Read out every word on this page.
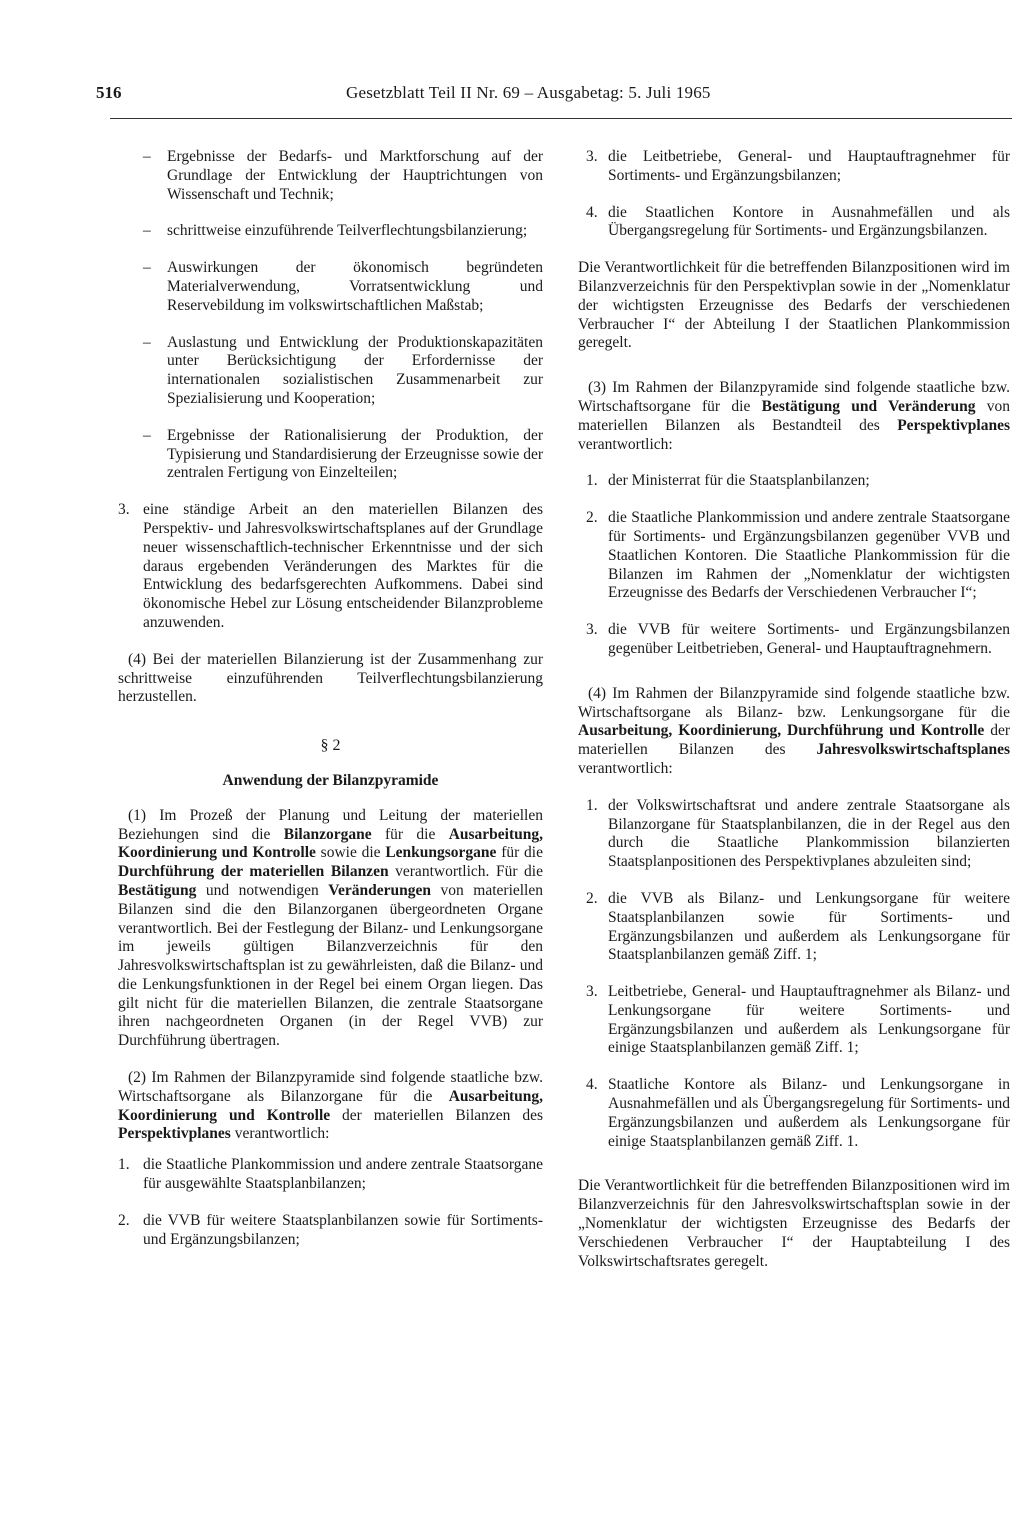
516	Gesetzblatt Teil II Nr. 69 – Ausgabetag: 5. Juli 1965
–	Ergebnisse der Bedarfs- und Marktforschung auf der Grundlage der Entwicklung der Hauptrichtungen von Wissenschaft und Technik;

–	schrittweise einzuführende Teilverflechtungsbilanzierung;

–	Auswirkungen der ökonomisch begründeten Materialverwendung, Vorratsentwicklung und Reservebildung im volkswirtschaftlichen Maßstab;

–	Auslastung und Entwicklung der Produktionskapazitäten unter Berücksichtigung der Erfordernisse der internationalen sozialistischen Zusammenarbeit zur Spezialisierung und Kooperation;

–	Ergebnisse der Rationalisierung der Produktion, der Typisierung und Standardisierung der Erzeugnisse sowie der zentralen Fertigung von Einzelteilen;

3. eine ständige Arbeit an den materiellen Bilanzen des Perspektiv- und Jahresvolkswirtschaftsplanes auf der Grundlage neuer wissenschaftlich-technischer Erkenntnisse und der sich daraus ergebenden Veränderungen des Marktes für die Entwicklung des bedarfsgerechten Aufkommens. Dabei sind ökonomische Hebel zur Lösung entscheidender Bilanzprobleme anzuwenden.

(4) Bei der materiellen Bilanzierung ist der Zusammenhang zur schrittweise einzuführenden Teilverflechtungsbilanzierung herzustellen.

§ 2
Anwendung der Bilanzpyramide

(1) Im Prozeß der Planung und Leitung der materiellen Beziehungen sind die Bilanzorgane für die Ausarbeitung, Koordinierung und Kontrolle sowie die Lenkungsorgane für die Durchführung der materiellen Bilanzen verantwortlich. Für die Bestätigung und notwendigen Veränderungen von materiellen Bilanzen sind die den Bilanzorganen übergeordneten Organe verantwortlich. Bei der Festlegung der Bilanz- und Lenkungsorgane im jeweils gültigen Bilanzverzeichnis für den Jahresvolkswirtschaftsplan ist zu gewährleisten, daß die Bilanz- und die Lenkungsfunktionen in der Regel bei einem Organ liegen. Das gilt nicht für die materiellen Bilanzen, die zentrale Staatsorgane ihren nachgeordneten Organen (in der Regel VVB) zur Durchführung übertragen.

(2) Im Rahmen der Bilanzpyramide sind folgende staatliche bzw. Wirtschaftsorgane als Bilanzorgane für die Ausarbeitung, Koordinierung und Kontrolle der materiellen Bilanzen des Perspektivplanes verantwortlich:

1. die Staatliche Plankommission und andere zentrale Staatsorgane für ausgewählte Staatsplanbilanzen;

2. die VVB für weitere Staatsplanbilanzen sowie für Sortiments- und Ergänzungsbilanzen;

3. die Leitbetriebe, General- und Hauptauftragnehmer für Sortiments- und Ergänzungsbilanzen;

4. die Staatlichen Kontore in Ausnahmefällen und als Übergangsregelung für Sortiments- und Ergänzungsbilanzen.

Die Verantwortlichkeit für die betreffenden Bilanzpositionen wird im Bilanzverzeichnis für den Perspektivplan sowie in der „Nomenklatur der wichtigsten Erzeugnisse des Bedarfs der verschiedenen Verbraucher I“ der Abteilung I der Staatlichen Plankommission geregelt.

(3) Im Rahmen der Bilanzpyramide sind folgende staatliche bzw. Wirtschaftsorgane für die Bestätigung und Veränderung von materiellen Bilanzen als Bestandteil des Perspektivplanes verantwortlich:

1. der Ministerrat für die Staatsplanbilanzen;

2. die Staatliche Plankommission und andere zentrale Staatsorgane für Sortiments- und Ergänzungsbilanzen gegenüber VVB und Staatlichen Kontoren. Die Staatliche Plankommission für die Bilanzen im Rahmen der „Nomenklatur der wichtigsten Erzeugnisse des Bedarfs der Verschiedenen Verbraucher I“;

3. die VVB für weitere Sortiments- und Ergänzungsbilanzen gegenüber Leitbetrieben, General- und Hauptauftragnehmern.

(4) Im Rahmen der Bilanzpyramide sind folgende staatliche bzw. Wirtschaftsorgane als Bilanz- bzw. Lenkungsorgane für die Ausarbeitung, Koordinierung, Durchführung und Kontrolle der materiellen Bilanzen des Jahresvolkswirtschaftsplanes verantwortlich:

1. der Volkswirtschaftsrat und andere zentrale Staatsorgane als Bilanzorgane für Staatsplanbilanzen, die in der Regel aus den durch die Staatliche Plankommission bilanzierten Staatsplanpositionen des Perspektivplanes abzuleiten sind;

2. die VVB als Bilanz- und Lenkungsorgane für weitere Staatsplanbilanzen sowie für Sortiments- und Ergänzungsbilanzen und außerdem als Lenkungsorgane für Staatsplanbilanzen gemäß Ziff. 1;

3. Leitbetriebe, General- und Hauptauftragnehmer als Bilanz- und Lenkungsorgane für weitere Sortiments- und Ergänzungsbilanzen und außerdem als Lenkungsorgane für einige Staatsplanbilanzen gemäß Ziff. 1;

4. Staatliche Kontore als Bilanz- und Lenkungsorgane in Ausnahmefällen und als Übergangsregelung für Sortiments- und Ergänzungsbilanzen und außerdem als Lenkungsorgane für einige Staatsplanbilanzen gemäß Ziff. 1.

Die Verantwortlichkeit für die betreffenden Bilanzpositionen wird im Bilanzverzeichnis für den Jahresvolkswirtschaftsplan sowie in der „Nomenklatur der wichtigsten Erzeugnisse des Bedarfs der Verschiedenen Verbraucher I“ der Hauptabteilung I des Volkswirtschaftsrates geregelt.
